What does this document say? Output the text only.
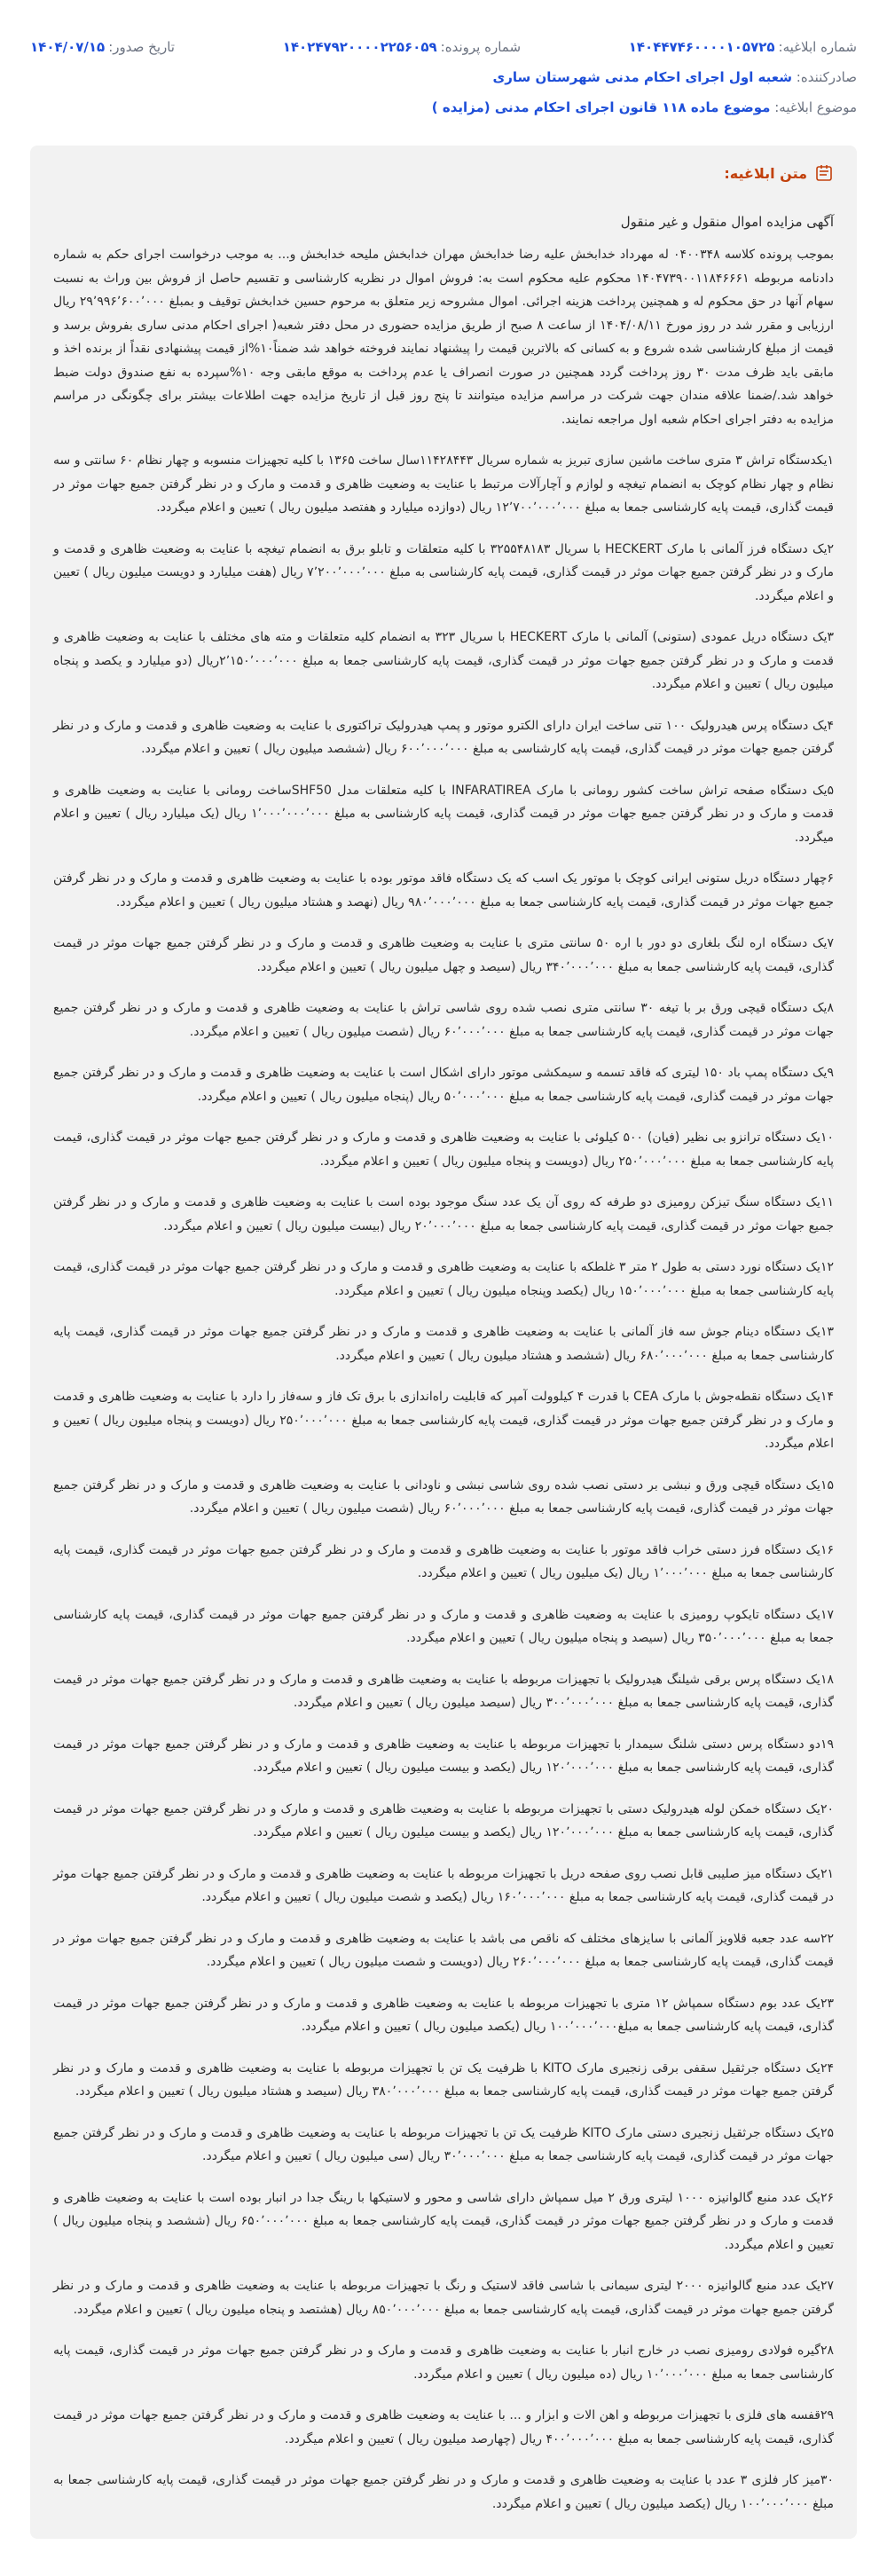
شماره ابلاغیه:
۱۴۰۴۴۷۴۶۰۰۰۰۱۰۵۷۲۵
شماره پرونده:
۱۴۰۲۴۷۹۲۰۰۰۰۲۲۵۶۰۵۹
تاریخ صدور:
۱۴۰۴/۰۷/۱۵
صادرکننده: شعبه اول اجرای احکام مدنی شهرستان ساری
موضوع ابلاغیه: موضوع ماده ۱۱۸ قانون اجرای احکام مدنی (مزایده )
متن ابلاغیه:
آگهی مزایده اموال منقول و غیر منقول

بموجب پرونده کلاسه ۰۴۰۰۳۴۸ له مهرداد خدابخش علیه رضا خدابخش مهران خدابخش ملیحه خدابخش و... به موجب درخواست اجرای حکم به شماره دادنامه مربوطه ۱۴۰۴۷۳۹۰۰۱۱۸۴۶۶۶۱ محکوم علیه محکوم است به: فروش اموال در نظریه کارشناسی و تقسیم حاصل از فروش بین وراث به نسبت سهام آنها در حق محکوم له و همچنین پرداخت هزینه اجرائی. اموال مشروحه زیر متعلق به مرحوم حسین خدابخش توقیف و بمبلغ ۲۹٬۹۹۶٬۶۰۰٬۰۰۰ ریال ارزیابی و مقرر شد در روز مورخ ۱۴۰۴/۰۸/۱۱ از ساعت ۸ صبح از طریق مزایده حضوری در محل دفتر شعبه( اجرای احکام مدنی ساری بفروش برسد و قیمت از مبلغ کارشناسی شده شروع و به کسانی که بالاترین قیمت را پیشنهاد نمایند فروخته خواهد شد ضمناً۱۰%از قیمت پیشنهادی نقداً از برنده اخذ و مابقی باید ظرف مدت ۳۰ روز پرداخت گردد همچنین در صورت انصراف یا عدم پرداخت به موقع مابقی وجه ۱۰%سپرده به نفع صندوق دولت ضبط خواهد شد./ضمنا علاقه مندان جهت شرکت در مراسم مزایده میتوانند تا پنج روز قبل از تاریخ مزایده جهت اطلاعات بیشتر برای چگونگی در مراسم مزایده به دفتر اجرای احکام شعبه اول مراجعه نمایند.

۱یکدستگاه تراش ۳ متری ساخت ماشین سازی تبریز به شماره سریال ۱۱۴۲۸۴۴۳سال ساخت ۱۳۶۵ با کلیه تجهیزات منسوبه و چهار نظام ۶۰ سانتی و سه نظام و چهار نظام کوچک به انضمام تیغچه و لوازم و آچارآلات مرتبط با عنایت به وضعیت ظاهری و قدمت و مارک و در نظر گرفتن جمیع جهات موثر در قیمت گذاری، قیمت پایه کارشناسی جمعا به مبلغ ۱۲٬۷۰۰٬۰۰۰٬۰۰۰ ریال (دوازده میلیارد و هفتصد میلیون ریال ) تعیین و اعلام میگردد.

۲یک دستگاه فرز آلمانی با مارک HECKERT با سریال ۳۲۵۵۴۸۱۸۳ با کلیه متعلقات و تابلو برق به انضمام تیغچه با عنایت به وضعیت ظاهری و قدمت و مارک و در نظر گرفتن جمیع جهات موثر در قیمت گذاری، قیمت پایه کارشناسی به مبلغ ۷٬۲۰۰٬۰۰۰٬۰۰۰ ریال (هفت میلیارد و دویست میلیون ریال ) تعیین و اعلام میگردد.

۳یک دستگاه دریل عمودی (ستونی) آلمانی با مارک HECKERT با سریال ۳۲۳ به انضمام کلیه متعلقات و مته های مختلف با عنایت به وضعیت ظاهری و قدمت و مارک و در نظر گرفتن جمیع جهات موثر در قیمت گذاری، قیمت پایه کارشناسی جمعا به مبلغ ۲٬۱۵۰٬۰۰۰٬۰۰۰ریال (دو میلیارد و یکصد و پنجاه میلیون ریال ) تعیین و اعلام میگردد.

۴یک دستگاه پرس هیدرولیک ۱۰۰ تنی ساخت ایران دارای الکترو موتور و پمپ هیدرولیک تراکتوری با عنایت به وضعیت ظاهری و قدمت و مارک و در نظر گرفتن جمیع جهات موثر در قیمت گذاری، قیمت پایه کارشناسی به مبلغ ۶۰۰٬۰۰۰٬۰۰۰ ریال (ششصد میلیون ریال ) تعیین و اعلام میگردد.

۵یک دستگاه صفحه تراش ساخت کشور رومانی با مارک INFARATIREA با کلیه متعلقات مدل SHF50ساخت رومانی با عنایت به وضعیت ظاهری و قدمت و مارک و در نظر گرفتن جمیع جهات موثر در قیمت گذاری، قیمت پایه کارشناسی به مبلغ ۱٬۰۰۰٬۰۰۰٬۰۰۰ ریال (یک میلیارد ریال ) تعیین و اعلام میگردد.

۶چهار دستگاه دریل ستونی ایرانی کوچک با موتور یک اسب که یک دستگاه فاقد موتور بوده با عنایت به وضعیت ظاهری و قدمت و مارک و در نظر گرفتن جمیع جهات موثر در قیمت گذاری، قیمت پایه کارشناسی جمعا به مبلغ ۹۸۰٬۰۰۰٬۰۰۰ ریال (نهصد و هشتاد میلیون ریال ) تعیین و اعلام میگردد.

۷یک دستگاه اره لنگ بلغاری دو دور با اره ۵۰ سانتی متری با عنایت به وضعیت ظاهری و قدمت و مارک و در نظر گرفتن جمیع جهات موثر در قیمت گذاری، قیمت پایه کارشناسی جمعا به مبلغ ۳۴۰٬۰۰۰٬۰۰۰ ریال (سیصد و چهل میلیون ریال ) تعیین و اعلام میگردد.

۸یک دستگاه قیچی ورق بر با تیغه ۳۰ سانتی متری نصب شده روی شاسی تراش با عنایت به وضعیت ظاهری و قدمت و مارک و در نظر گرفتن جمیع جهات موثر در قیمت گذاری، قیمت پایه کارشناسی جمعا به مبلغ ۶۰٬۰۰۰٬۰۰۰ ریال (شصت میلیون ریال ) تعیین و اعلام میگردد.

۹یک دستگاه پمپ باد ۱۵۰ لیتری که فاقد تسمه و سیمکشی موتور دارای اشکال است با عنایت به وضعیت ظاهری و قدمت و مارک و در نظر گرفتن جمیع جهات موثر در قیمت گذاری، قیمت پایه کارشناسی جمعا به مبلغ ۵۰٬۰۰۰٬۰۰۰ ریال (پنجاه میلیون ریال ) تعیین و اعلام میگردد.

۱۰یک دستگاه ترانزو بی نظیر (فیان) ۵۰۰ کیلوئی با عنایت به وضعیت ظاهری و قدمت و مارک و در نظر گرفتن جمیع جهات موثر در قیمت گذاری، قیمت پایه کارشناسی جمعا به مبلغ ۲۵۰٬۰۰۰٬۰۰۰ ریال (دویست و پنجاه میلیون ریال ) تعیین و اعلام میگردد.

۱۱یک دستگاه سنگ تیزکن رومیزی دو طرفه که روی آن یک عدد سنگ موجود بوده است با عنایت به وضعیت ظاهری و قدمت و مارک و در نظر گرفتن جمیع جهات موثر در قیمت گذاری، قیمت پایه کارشناسی جمعا به مبلغ ۲۰٬۰۰۰٬۰۰۰ ریال (بیست میلیون ریال ) تعیین و اعلام میگردد.

۱۲یک دستگاه نورد دستی به طول ۲ متر ۳ غلطکه با عنایت به وضعیت ظاهری و قدمت و مارک و در نظر گرفتن جمیع جهات موثر در قیمت گذاری، قیمت پایه کارشناسی جمعا به مبلغ ۱۵۰٬۰۰۰٬۰۰۰ ریال (یکصد وپنجاه میلیون ریال ) تعیین و اعلام میگردد.

۱۳یک دستگاه دینام جوش سه فاز آلمانی با عنایت به وضعیت ظاهری و قدمت و مارک و در نظر گرفتن جمیع جهات موثر در قیمت گذاری، قیمت پایه کارشناسی جمعا به مبلغ ۶۸۰٬۰۰۰٬۰۰۰ ریال (ششصد و هشتاد میلیون ریال ) تعیین و اعلام میگردد.

۱۴یک دستگاه نقطه‌جوش با مارک CEA با قدرت ۴ کیلوولت آمپر که قابلیت راه‌اندازی با برق تک فاز و سه‌فاز را دارد با عنایت به وضعیت ظاهری و قدمت و مارک و در نظر گرفتن جمیع جهات موثر در قیمت گذاری، قیمت پایه کارشناسی جمعا به مبلغ ۲۵۰٬۰۰۰٬۰۰۰ ریال (دویست و پنجاه میلیون ریال ) تعیین و اعلام میگردد.

۱۵یک دستگاه قیچی ورق و نبشی بر دستی نصب شده روی شاسی نبشی و ناودانی با عنایت به وضعیت ظاهری و قدمت و مارک و در نظر گرفتن جمیع جهات موثر در قیمت گذاری، قیمت پایه کارشناسی جمعا به مبلغ ۶۰٬۰۰۰٬۰۰۰ ریال (شصت میلیون ریال ) تعیین و اعلام میگردد.

۱۶یک دستگاه فرز دستی خراب فاقد موتور با عنایت به وضعیت ظاهری و قدمت و مارک و در نظر گرفتن جمیع جهات موثر در قیمت گذاری، قیمت پایه کارشناسی جمعا به مبلغ ۱٬۰۰۰٬۰۰۰ ریال (یک میلیون ریال ) تعیین و اعلام میگردد.

۱۷یک دستگاه تایکوپ رومیزی با عنایت به وضعیت ظاهری و قدمت و مارک و در نظر گرفتن جمیع جهات موثر در قیمت گذاری، قیمت پایه کارشناسی جمعا به مبلغ ۳۵۰٬۰۰۰٬۰۰۰ ریال (سیصد و پنجاه میلیون ریال ) تعیین و اعلام میگردد.

۱۸یک دستگاه پرس برقی شیلنگ هیدرولیک با تجهیزات مربوطه با عنایت به وضعیت ظاهری و قدمت و مارک و در نظر گرفتن جمیع جهات موثر در قیمت گذاری، قیمت پایه کارشناسی جمعا به مبلغ ۳۰۰٬۰۰۰٬۰۰۰ ریال (سیصد میلیون ریال ) تعیین و اعلام میگردد.

۱۹دو دستگاه پرس دستی شلنگ سیمدار با تجهیزات مربوطه با عنایت به وضعیت ظاهری و قدمت و مارک و در نظر گرفتن جمیع جهات موثر در قیمت گذاری، قیمت پایه کارشناسی جمعا به مبلغ ۱۲۰٬۰۰۰٬۰۰۰ ریال (یکصد و بیست میلیون ریال ) تعیین و اعلام میگردد.

۲۰یک دستگاه خمکن لوله هیدرولیک دستی با تجهیزات مربوطه با عنایت به وضعیت ظاهری و قدمت و مارک و در نظر گرفتن جمیع جهات موثر در قیمت گذاری، قیمت پایه کارشناسی جمعا به مبلغ ۱۲۰٬۰۰۰٬۰۰۰ ریال (یکصد و بیست میلیون ریال ) تعیین و اعلام میگردد.

۲۱یک دستگاه میز صلیبی قابل نصب روی صفحه دریل با تجهیزات مربوطه با عنایت به وضعیت ظاهری و قدمت و مارک و در نظر گرفتن جمیع جهات موثر در قیمت گذاری، قیمت پایه کارشناسی جمعا به مبلغ ۱۶۰٬۰۰۰٬۰۰۰ ریال (یکصد و شصت میلیون ریال ) تعیین و اعلام میگردد.

۲۲سه عدد جعبه قلاویز آلمانی با سایزهای مختلف که ناقص می باشد با عنایت به وضعیت ظاهری و قدمت و مارک و در نظر گرفتن جمیع جهات موثر در قیمت گذاری، قیمت پایه کارشناسی جمعا به مبلغ ۲۶۰٬۰۰۰٬۰۰۰ ریال (دویست و شصت میلیون ریال ) تعیین و اعلام میگردد.

۲۳یک عدد بوم دستگاه سمپاش ۱۲ متری با تجهیزات مربوطه با عنایت به وضعیت ظاهری و قدمت و مارک و در نظر گرفتن جمیع جهات موثر در قیمت گذاری، قیمت پایه کارشناسی جمعا به مبلغ۱۰۰٬۰۰۰٬۰۰۰ ریال (یکصد میلیون ریال ) تعیین و اعلام میگردد.

۲۴یک دستگاه جرثقیل سقفی برقی زنجیری مارک KITO با ظرفیت یک تن با تجهیزات مربوطه با عنایت به وضعیت ظاهری و قدمت و مارک و در نظر گرفتن جمیع جهات موثر در قیمت گذاری، قیمت پایه کارشناسی جمعا به مبلغ ۳۸۰٬۰۰۰٬۰۰۰ ریال (سیصد و هشتاد میلیون ریال ) تعیین و اعلام میگردد.

۲۵یک دستگاه جرثقیل زنجیری دستی مارک KITO ظرفیت یک تن با تجهیزات مربوطه با عنایت به وضعیت ظاهری و قدمت و مارک و در نظر گرفتن جمیع جهات موثر در قیمت گذاری، قیمت پایه کارشناسی جمعا به مبلغ ۳۰٬۰۰۰٬۰۰۰ ریال (سی میلیون ریال ) تعیین و اعلام میگردد.

۲۶یک عدد منبع گالوانیزه ۱۰۰۰ لیتری ورق ۲ میل سمپاش دارای شاسی و محور و لاستیکها با رینگ جدا در انبار بوده است با عنایت به وضعیت ظاهری و قدمت و مارک و در نظر گرفتن جمیع جهات موثر در قیمت گذاری، قیمت پایه کارشناسی جمعا به مبلغ ۶۵۰٬۰۰۰٬۰۰۰ ریال (ششصد و پنجاه میلیون ریال ) تعیین و اعلام میگردد.

۲۷یک عدد منبع گالوانیزه ۲۰۰۰ لیتری سیمانی با شاسی فاقد لاستیک و رنگ با تجهیزات مربوطه با عنایت به وضعیت ظاهری و قدمت و مارک و در نظر گرفتن جمیع جهات موثر در قیمت گذاری، قیمت پایه کارشناسی جمعا به مبلغ ۸۵۰٬۰۰۰٬۰۰۰ ریال (هشتصد و پنجاه میلیون ریال ) تعیین و اعلام میگردد.

۲۸گیره فولادی رومیزی نصب در خارج انبار با عنایت به وضعیت ظاهری و قدمت و مارک و در نظر گرفتن جمیع جهات موثر در قیمت گذاری، قیمت پایه کارشناسی جمعا به مبلغ ۱۰٬۰۰۰٬۰۰۰ ریال (ده میلیون ریال ) تعیین و اعلام میگردد.

۲۹قفسه های فلزی با تجهیزات مربوطه و اهن الات و ابزار و ... با عنایت به وضعیت ظاهری و قدمت و مارک و در نظر گرفتن جمیع جهات موثر در قیمت گذاری، قیمت پایه کارشناسی جمعا به مبلغ ۴۰۰٬۰۰۰٬۰۰۰ ریال (چهارصد میلیون ریال ) تعیین و اعلام میگردد.

۳۰میز کار فلزی ۳ عدد با عنایت به وضعیت ظاهری و قدمت و مارک و در نظر گرفتن جمیع جهات موثر در قیمت گذاری، قیمت پایه کارشناسی جمعا به مبلغ ۱۰۰٬۰۰۰٬۰۰۰ ریال (یکصد میلیون ریال ) تعیین و اعلام میگردد.
